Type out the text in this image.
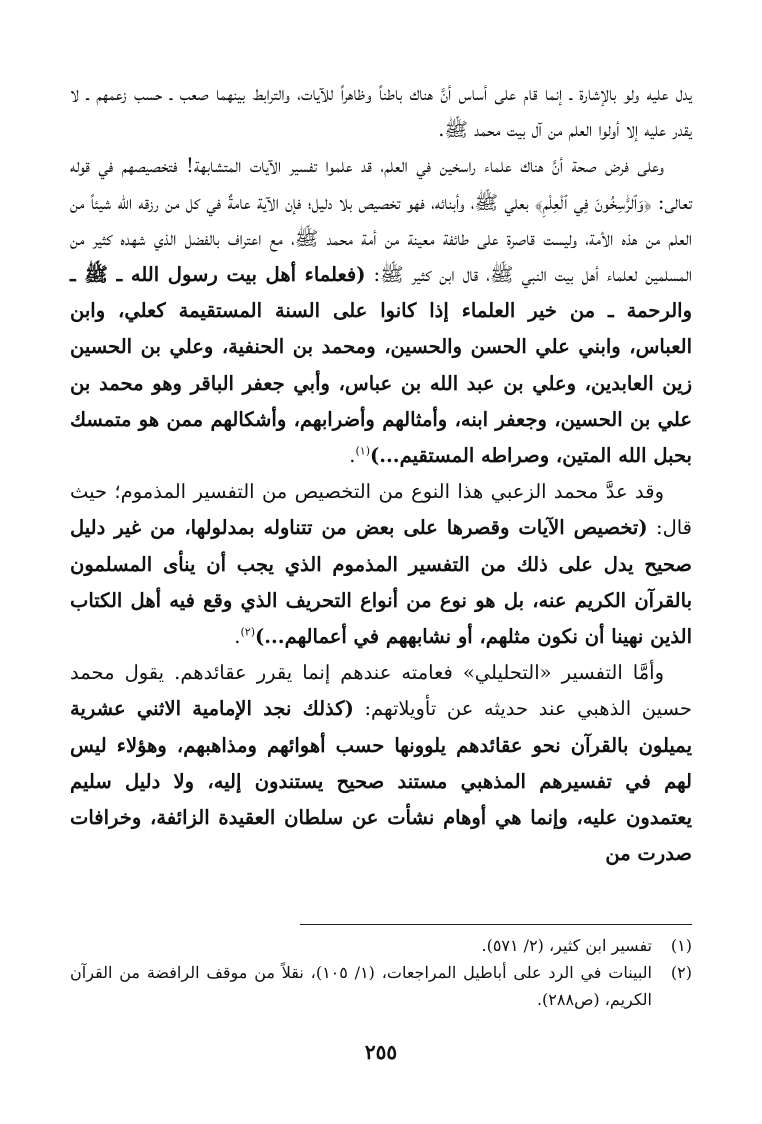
يدل عليه ولو بالإشارة ـ إنما قام على أساس أنَّ هناك باطناً وظاهراً للآيات، والترابط بينهما صعب ـ حسب زعمهم ـ لا يقدر عليه إلا أولوا العلم من آل بيت محمد ﷺ.

وعلى فرض صحة أنَّ هناك علماء راسخين في العلم، قد علموا تفسير الآيات المتشابهة! فتخصيصهم في قوله تعالى: ﴿وَٱلرَّٰسِخُونَ فِي ٱلْعِلْمِ﴾ بعلي ﷺ، وأبنائه، فهو تخصيص بلا دليل؛ فإن الآية عامةٌ في كل من رزقه الله شيئاً من العلم من هذه الأمة، وليست قاصرة على طائفة معينة من أمة محمد ﷺ، مع اعتراف بالفضل الذي شهده كثير من المسلمين لعلماء أهل بيت النبي ﷺ، قال ابن كثير ﷺ: (فعلماء أهل بيت رسول الله ـ ﷺ ـ والرحمة ـ من خير العلماء إذا كانوا على السنة المستقيمة كعلي، وابن العباس، وابني علي الحسن والحسين، ومحمد بن الحنفية، وعلي بن الحسين زين العابدين، وعلي بن عبد الله بن عباس، وأبي جعفر الباقر وهو محمد بن علي بن الحسين، وجعفر ابنه، وأمثالهم وأضرابهم، وأشكالهم ممن هو متمسك بحبل الله المتين، وصراطه المستقيم...)$^{(١)}$.

وقد عدَّ محمد الزعبي هذا النوع من التخصيص من التفسير المذموم؛ حيث قال: (تخصيص الآيات وقصرها على بعض من تتناوله بمدلولها، من غير دليل صحيح يدل على ذلك من التفسير المذموم الذي يجب أن ينأى المسلمون بالقرآن الكريم عنه، بل هو نوع من أنواع التحريف الذي وقع فيه أهل الكتاب الذين نهينا أن نكون مثلهم، أو نشابههم في أعمالهم...)$^{(٢)}$.

وأمَّا التفسير «التحليلي» فعامته عندهم إنما يقرر عقائدهم. يقول محمد حسين الذهبي عند حديثه عن تأويلاتهم: (كذلك نجد الإمامية الاثني عشرية يميلون بالقرآن نحو عقائدهم يلوونها حسب أهوائهم ومذاهبهم، وهؤلاء ليس لهم في تفسيرهم المذهبي مستند صحيح يستندون إليه، ولا دليل سليم يعتمدون عليه، وإنما هي أوهام نشأت عن سلطان العقيدة الزائفة، وخرافات صدرت من

(١)
تفسير ابن كثير، (٢/ ٥٧١).

(٢)
البينات في الرد على أباطيل المراجعات، (١/ ١٠٥)، نقلاً من موقف الرافضة من القرآن الكريم، (ص٢٨٨).

٢٥٥
